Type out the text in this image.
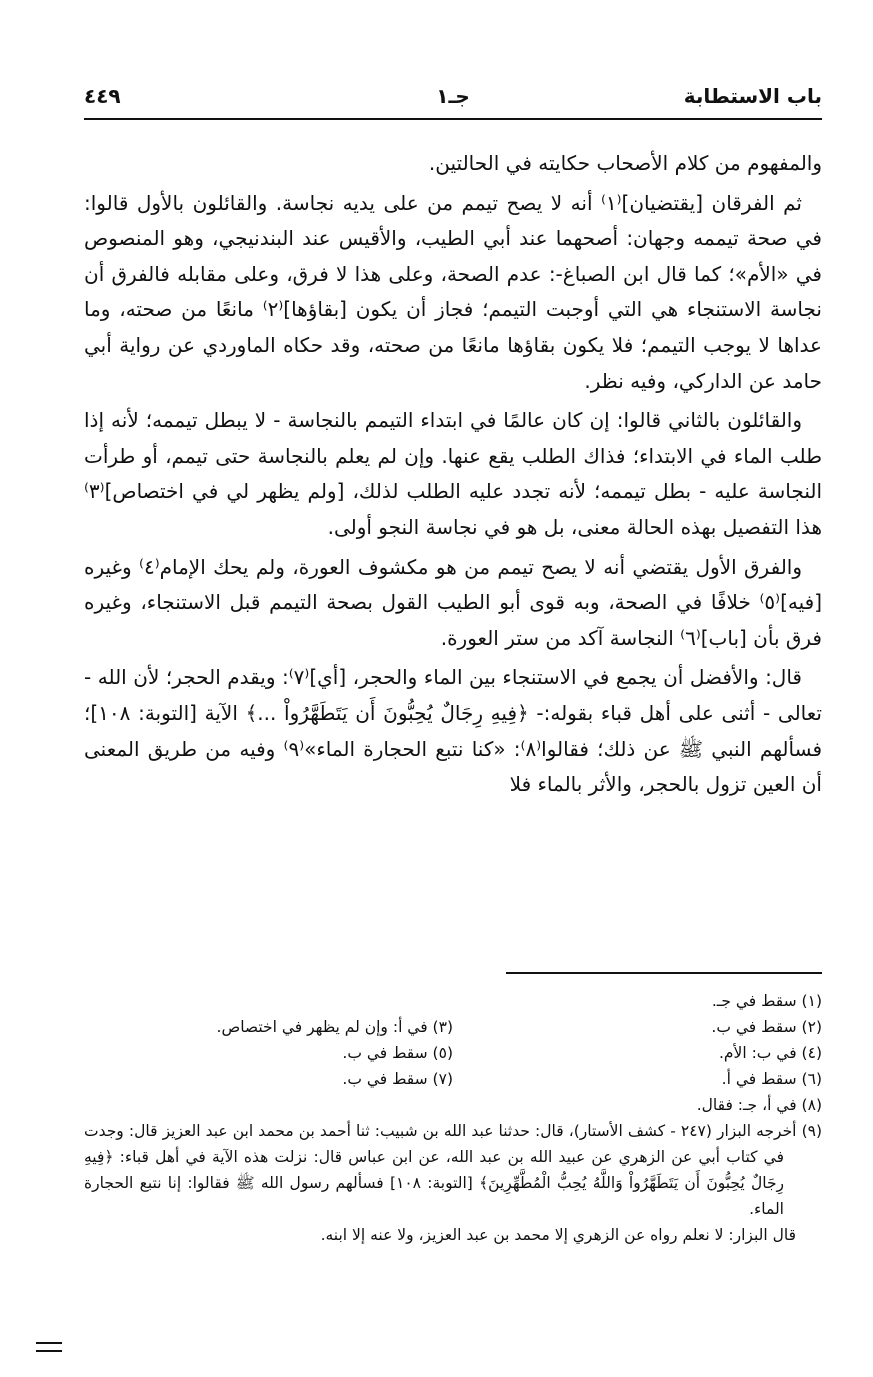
باب الاستطابة
جـ١
٤٤٩

والمفهوم من كلام الأصحاب حكايته في الحالتين.

ثم الفرقان [يقتضيان]⁽١⁾ أنه لا يصح تيمم من على يديه نجاسة. والقائلون بالأول قالوا: في صحة تيممه وجهان: أصحهما عند أبي الطيب، والأقيس عند البندنيجي، وهو المنصوص في «الأم»؛ كما قال ابن الصباغ-: عدم الصحة، وعلى هذا لا فرق، وعلى مقابله فالفرق أن نجاسة الاستنجاء هي التي أوجبت التيمم؛ فجاز أن يكون [بقاؤها]⁽٢⁾ مانعًا من صحته، وما عداها لا يوجب التيمم؛ فلا يكون بقاؤها مانعًا من صحته، وقد حكاه الماوردي عن رواية أبي حامد عن الداركي، وفيه نظر.

والقائلون بالثاني قالوا: إن كان عالمًا في ابتداء التيمم بالنجاسة - لا يبطل تيممه؛ لأنه إذا طلب الماء في الابتداء؛ فذاك الطلب يقع عنها. وإن لم يعلم بالنجاسة حتى تيمم، أو طرأت النجاسة عليه - بطل تيممه؛ لأنه تجدد عليه الطلب لذلك، [ولم يظهر لي في اختصاص]⁽٣⁾ هذا التفصيل بهذه الحالة معنى، بل هو في نجاسة النجو أولى.

والفرق الأول يقتضي أنه لا يصح تيمم من هو مكشوف العورة، ولم يحك الإمام⁽٤⁾ وغيره [فيه]⁽٥⁾ خلافًا في الصحة، وبه قوى أبو الطيب القول بصحة التيمم قبل الاستنجاء، وغيره فرق بأن [باب]⁽٦⁾ النجاسة آكد من ستر العورة.

قال: والأفضل أن يجمع في الاستنجاء بين الماء والحجر، [أي]⁽٧⁾: ويقدم الحجر؛ لأن الله - تعالى - أثنى على أهل قباء بقوله:- ﴿فِيهِ رِجَالٌ يُحِبُّونَ أَن يَتَطَهَّرُواْ ...﴾ الآية [التوبة: ١٠٨]؛ فسألهم النبي ﷺ عن ذلك؛ فقالوا⁽٨⁾: «كنا نتبع الحجارة الماء»⁽٩⁾ وفيه من طريق المعنى أن العين تزول بالحجر، والأثر بالماء فلا

(١) سقط في جـ.
(٢) سقط في ب.
(٣) في أ: وإن لم يظهر في اختصاص.
(٤) في ب: الأم.
(٥) سقط في ب.
(٦) سقط في أ.
(٧) سقط في ب.
(٨) في أ، جـ: فقال.
(٩) أخرجه البزار (٢٤٧ - كشف الأستار)، قال: حدثنا عبد الله بن شبيب: ثنا أحمد بن محمد ابن عبد العزيز قال: وجدت في كتاب أبي عن الزهري عن عبيد الله بن عبد الله، عن ابن عباس قال: نزلت هذه الآية في أهل قباء: ﴿فِيهِ رِجَالٌ يُحِبُّونَ أَن يَتَطَهَّرُواْ وَاللَّهُ يُحِبُّ الْمُطَّهِّرِينَ﴾ [التوبة: ١٠٨] فسألهم رسول الله ﷺ فقالوا: إنا نتبع الحجارة الماء.
قال البزار: لا نعلم رواه عن الزهري إلا محمد بن عبد العزيز، ولا عنه إلا ابنه.
